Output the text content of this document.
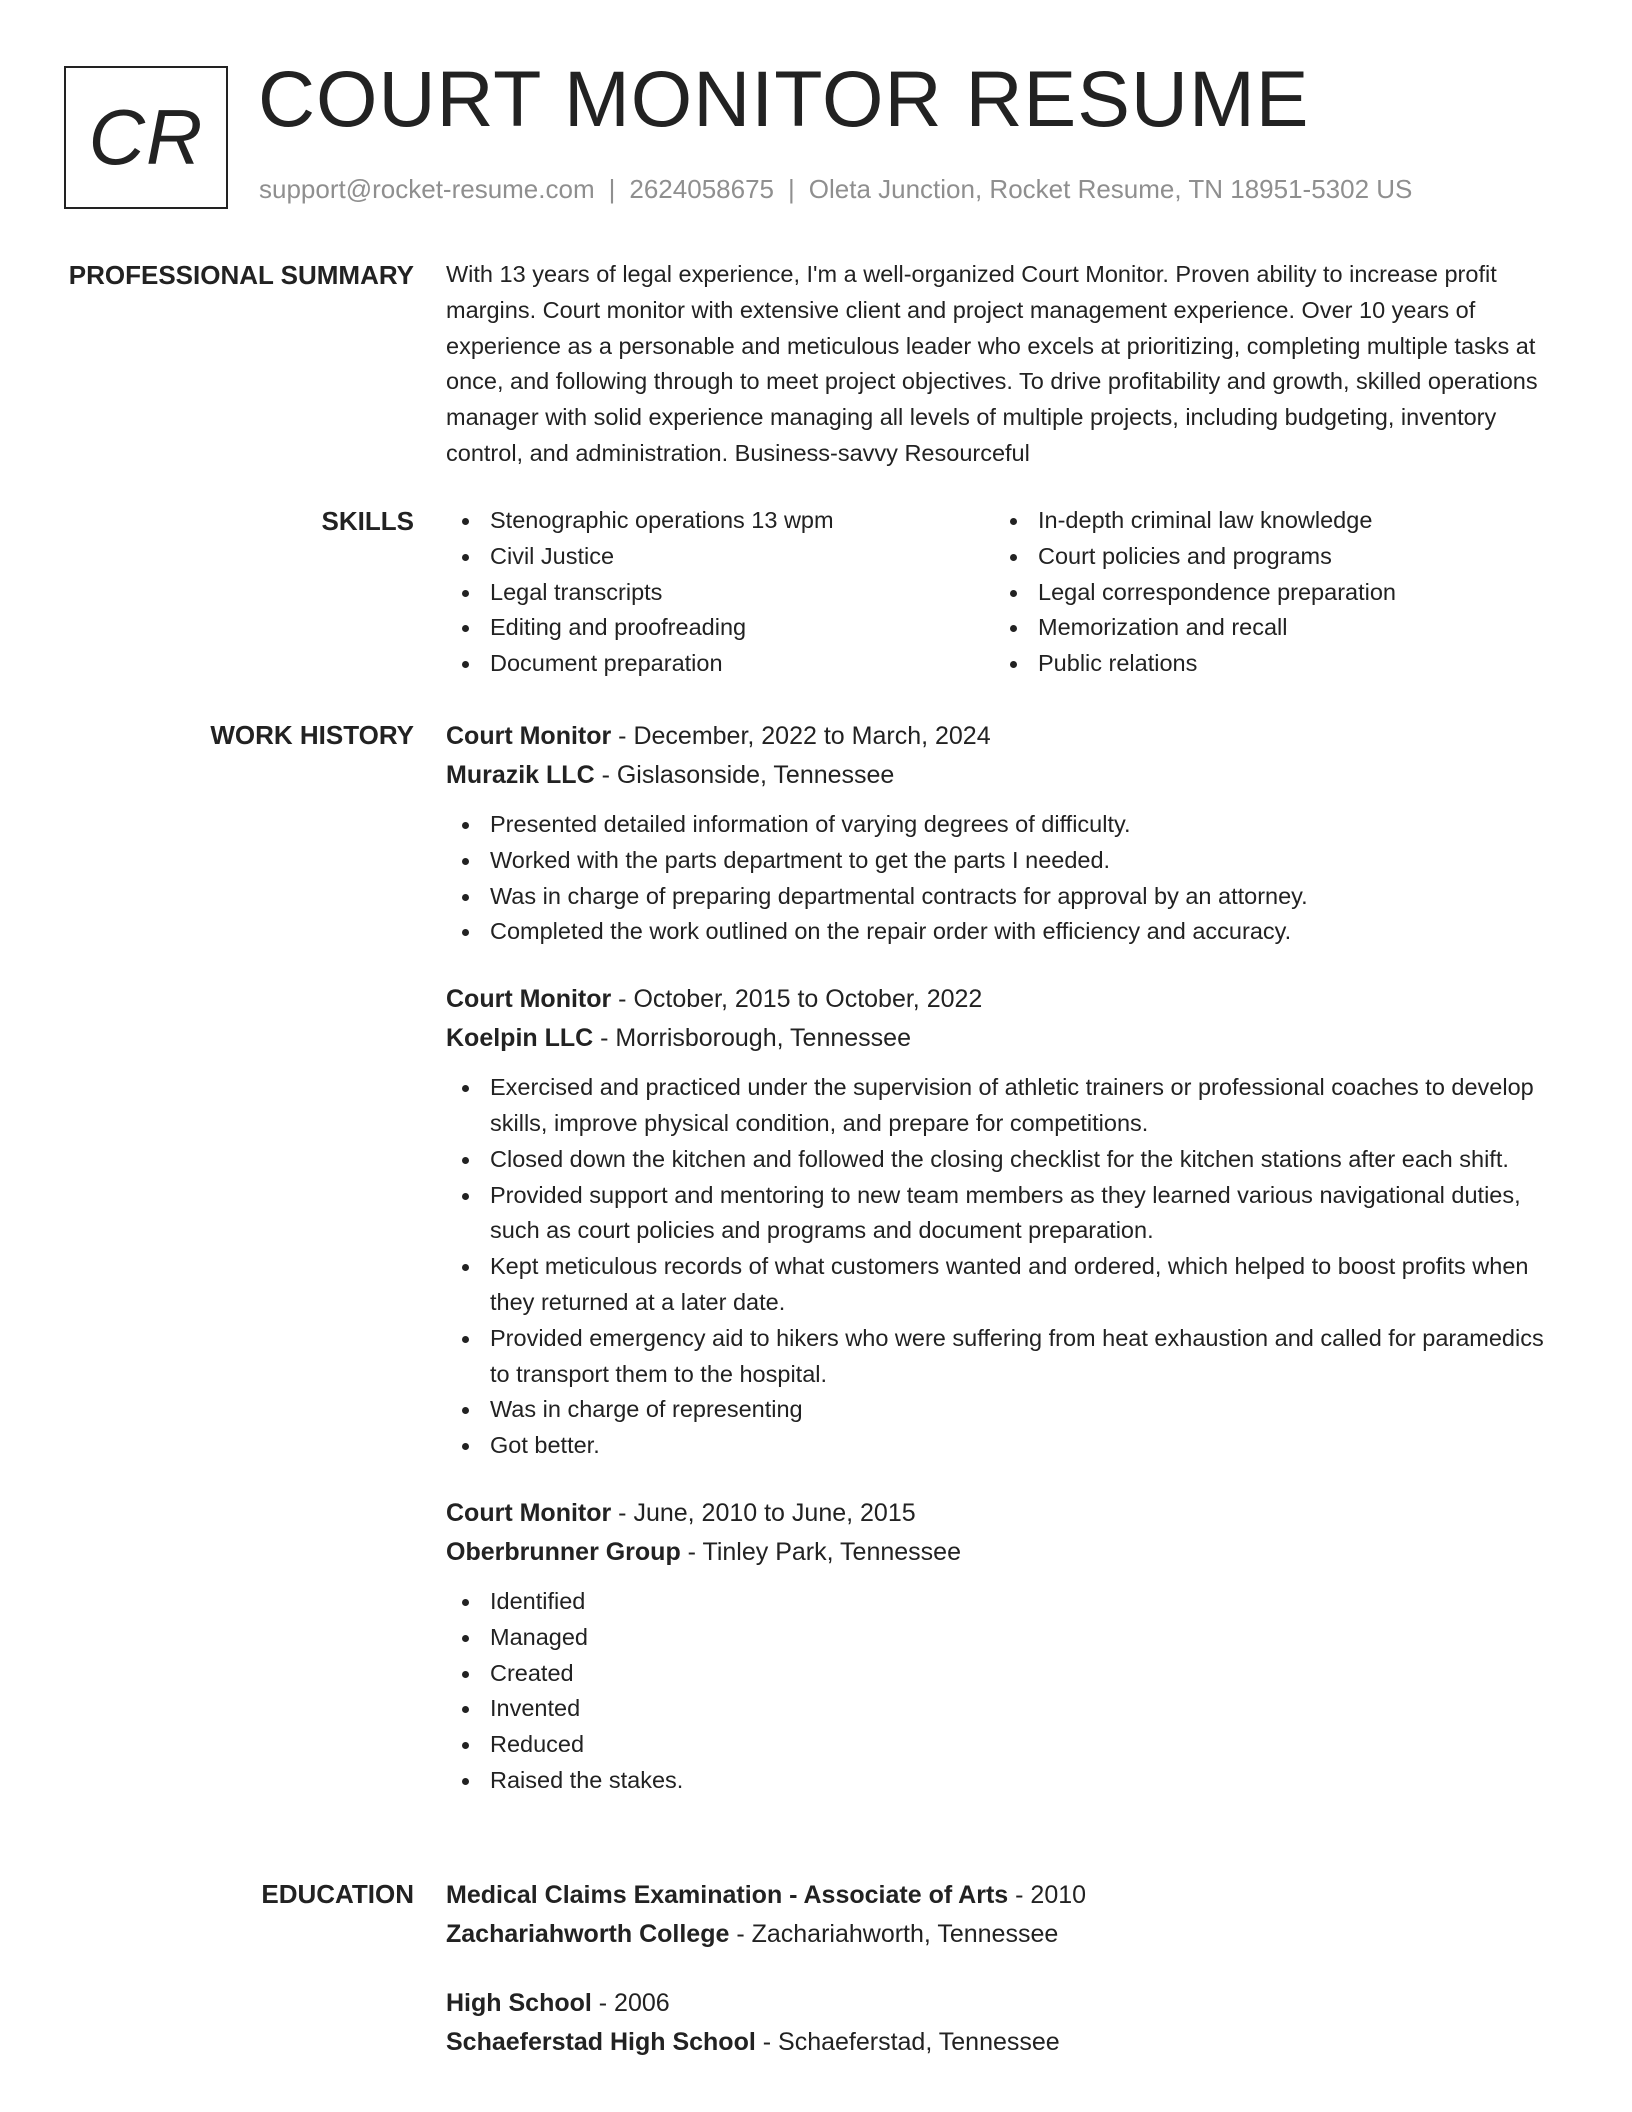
CR COURT MONITOR RESUME
support@rocket-resume.com | 2624058675 | Oleta Junction, Rocket Resume, TN 18951-5302 US
PROFESSIONAL SUMMARY With 13 years of legal experience, I'm a well-organized Court Monitor. Proven ability to increase profit margins. Court monitor with extensive client and project management experience. Over 10 years of experience as a personable and meticulous leader who excels at prioritizing, completing multiple tasks at once, and following through to meet project objectives. To drive profitability and growth, skilled operations manager with solid experience managing all levels of multiple projects, including budgeting, inventory control, and administration. Business-savvy Resourceful

SKILLS	Stenographic operations 13 wpm
Civil Justice
Legal transcripts
Editing and proofreading
Document preparation
In-depth criminal law knowledge
Court policies and programs
Legal correspondence preparation
Memorization and recall
Public relations
WORK HISTORY Court Monitor - December, 2022 to March, 2024
Murazik LLC - Gislasonside, Tennessee
Presented detailed information of varying degrees of difficulty.
Worked with the parts department to get the parts I needed.
Was in charge of preparing departmental contracts for approval by an attorney.
Completed the work outlined on the repair order with efficiency and accuracy.
Court Monitor - October, 2015 to October, 2022
Koelpin LLC - Morrisborough, Tennessee
Exercised and practiced under the supervision of athletic trainers or professional coaches to develop skills, improve physical condition, and prepare for competitions.
Closed down the kitchen and followed the closing checklist for the kitchen stations after each shift.
Provided support and mentoring to new team members as they learned various navigational duties, such as court policies and programs and document preparation.
Kept meticulous records of what customers wanted and ordered, which helped to boost profits when they returned at a later date.
Provided emergency aid to hikers who were suffering from heat exhaustion and called for paramedics to transport them to the hospital.
Was in charge of representing
Got better.
Court Monitor - June, 2010 to June, 2015
Oberbrunner Group - Tinley Park, Tennessee
Identified
Managed
Created
Invented
Reduced
Raised the stakes.
EDUCATION Medical Claims Examination - Associate of Arts - 2010
Zachariahworth College - Zachariahworth, Tennessee
High School - 2006
Schaeferstad High School - Schaeferstad, Tennessee
